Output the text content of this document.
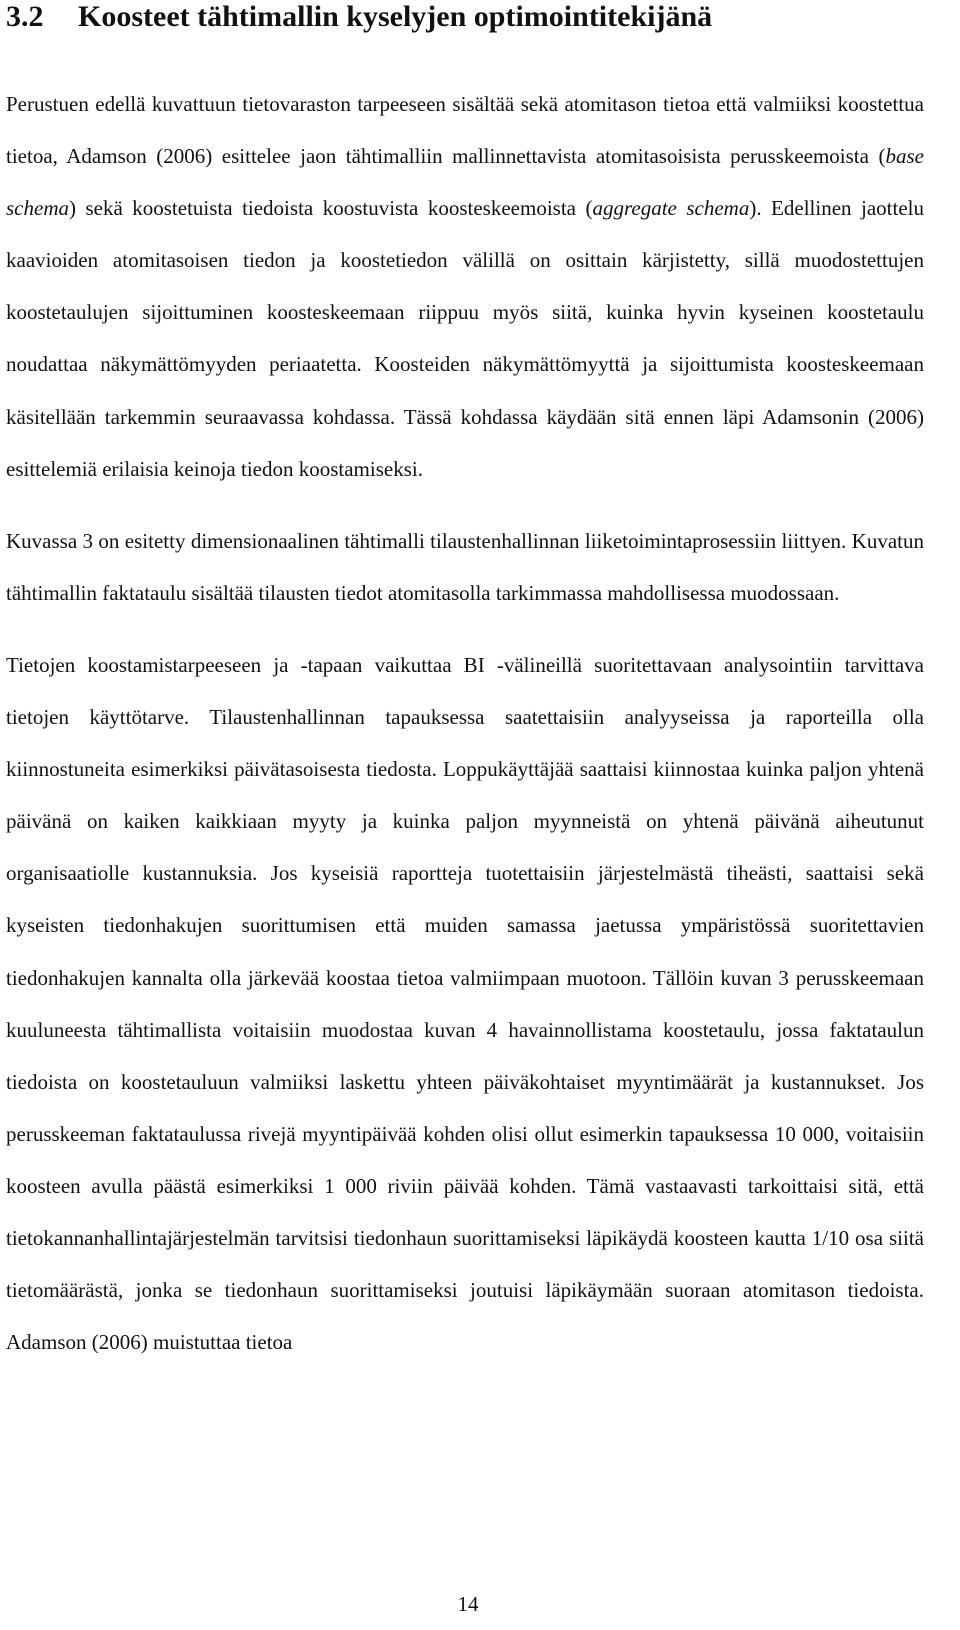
3.2 Koosteet tähtimallin kyselyjen optimointitekijänä

Perustuen edellä kuvattuun tietovaraston tarpeeseen sisältää sekä atomitason tietoa että valmiiksi koostettua tietoa, Adamson (2006) esittelee jaon tähtimalliin mallinnettavista atomitasoisista perusskeemoista (base schema) sekä koostetuista tiedoista koostuvista koosteskeemoista (aggregate schema). Edellinen jaottelu kaavioiden atomitasoisen tiedon ja koostetiedon välillä on osittain kärjistetty, sillä muodostettujen koostetaulujen sijoittuminen koosteskeemaan riippuu myös siitä, kuinka hyvin kyseinen koostetaulu noudattaa näkymättömyyden periaatetta. Koosteiden näkymättömyyttä ja sijoittumista koosteskeemaan käsitellään tarkemmin seuraavassa kohdassa. Tässä kohdassa käydään sitä ennen läpi Adamsonin (2006) esittelemiä erilaisia keinoja tiedon koostamiseksi.

Kuvassa 3 on esitetty dimensionaalinen tähtimalli tilaustenhallinnan liiketoimintaprosessiin liittyen. Kuvatun tähtimallin faktataulu sisältää tilausten tiedot atomitasolla tarkimmassa mahdollisessa muodossaan.

Tietojen koostamistarpeeseen ja -tapaan vaikuttaa BI -välineillä suoritettavaan analysointiin tarvittava tietojen käyttötarve. Tilaustenhallinnan tapauksessa saatettaisiin analyyseissa ja raporteilla olla kiinnostuneita esimerkiksi päivätasoisesta tiedosta. Loppukäyttäjää saattaisi kiinnostaa kuinka paljon yhtenä päivänä on kaiken kaikkiaan myyty ja kuinka paljon myynneistä on yhtenä päivänä aiheutunut organisaatiolle kustannuksia. Jos kyseisiä raportteja tuotettaisiin järjestelmästä tiheästi, saattaisi sekä kyseisten tiedonhakujen suorittumisen että muiden samassa jaetussa ympäristössä suoritettavien tiedonhakujen kannalta olla järkevää koostaa tietoa valmiimpaan muotoon. Tällöin kuvan 3 perusskeemaan kuuluneesta tähtimallista voitaisiin muodostaa kuvan 4 havainnollistama koostetaulu, jossa faktataulun tiedoista on koostetauluun valmiiksi laskettu yhteen päiväkohtaiset myyntimäärät ja kustannukset. Jos perusskeeman faktataulussa rivejä myyntipäivää kohden olisi ollut esimerkin tapauksessa 10 000, voitaisiin koosteen avulla päästä esimerkiksi 1 000 riviin päivää kohden. Tämä vastaavasti tarkoittaisi sitä, että tietokannanhallintajärjestelmän tarvitsisi tiedonhaun suorittamiseksi läpikäydä koosteen kautta 1/10 osa siitä tietomäärästä, jonka se tiedonhaun suorittamiseksi joutuisi läpikäymään suoraan atomitason tiedoista. Adamson (2006) muistuttaa tietoa

14
